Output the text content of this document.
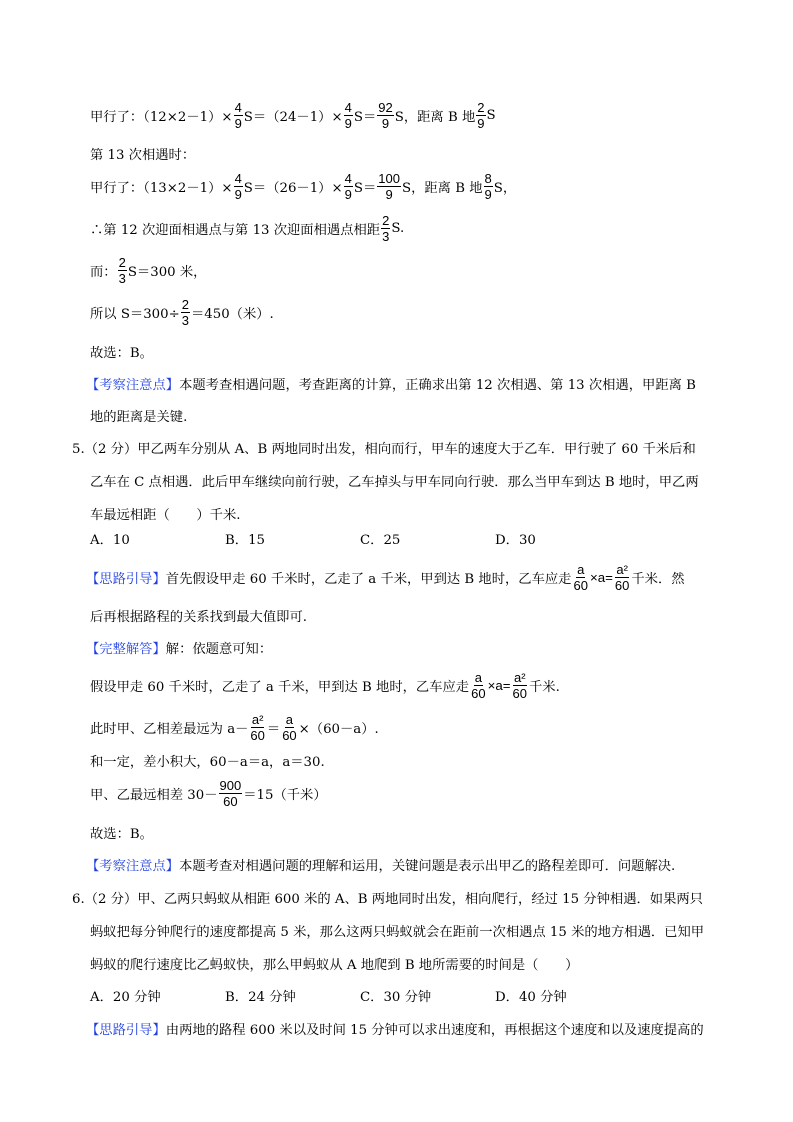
甲行了：$(12\times 2-1)\times \frac{4}{9} S=(24-1)\times \frac{4}{9} S= \frac{92}{9}$ S，距离 B 地 $\frac{2}{9}$ S
第 13 次相遇时：
甲行了：$(13\times 2-1)\times \frac{4}{9} S=(26-1)\times \frac{4}{9} S= \frac{100}{9}$ S，距离 B 地 $\frac{8}{9}$ S，
∴第 12 次迎面相遇点与第 13 次迎面相遇点相距 $\frac{2}{3} S$.
而： $\frac{2}{3} S=300$ 米，
所以 $S=300\div \frac{2}{3} =450$（米）.
故选：B。
【考察注意点】 本题考查相遇问题，考查距离的计算，正确求出第 12 次相遇、第 13 次相遇，甲距离 B
地的距离是关键.
5.（2 分）甲乙两车分别从 A、B 两地同时出发，相向而行，甲车的速度大于乙车．甲行驶了 60 千米后和
乙车在 C 点相遇．此后甲车继续向前行驶，乙车掉头与甲车同向行驶．那么当甲车到达 B 地时，甲乙两
车最远相距（　　）千米.
A．10	B．15	C．25	D．30
【思路引导】 首先假设甲走 60 千米时，乙走了 a 千米，甲到达 B 地时，乙车应走 $\frac{a}{60} \times a= \frac{\text{a²}}{60}$ 千米．然
后再根据路程的关系找到最大值即可.
【完整解答】 解：依题意可知：
假设甲走 60 千米时，乙走了 a 千米，甲到达 B 地时，乙车应走 $\frac{a}{60} \times a= \frac{\text{a²}}{60}$ 千米.
此时甲、乙相差最远为 $a- \frac{\text{a²}}{60} = \frac{a}{60} \times(60-a)$.
和一定，差小积大，60－a＝a，a＝30.
甲、乙最远相差 $30- \frac{900}{60} =15$（千米）
故选：B。
【考察注意点】 本题考查对相遇问题的理解和运用，关键问题是表示出甲乙的路程差即可．问题解决.
6.（2 分）甲、乙两只蚂蚁从相距 600 米的 A、B 两地同时出发，相向爬行，经过 15 分钟相遇．如果两只
蚂蚁把每分钟爬行的速度都提高 5 米，那么这两只蚂蚁就会在距前一次相遇点 15 米的地方相遇．已知甲
蚂蚁的爬行速度比乙蚂蚁快，那么甲蚂蚁从 A 地爬到 B 地所需要的时间是（　　）
A．20 分钟	B．24 分钟	C．30 分钟	D．40 分钟
【思路引导】 由两地的路程 600 米以及时间 15 分钟可以求出速度和，再根据这个速度和以及速度提高的
